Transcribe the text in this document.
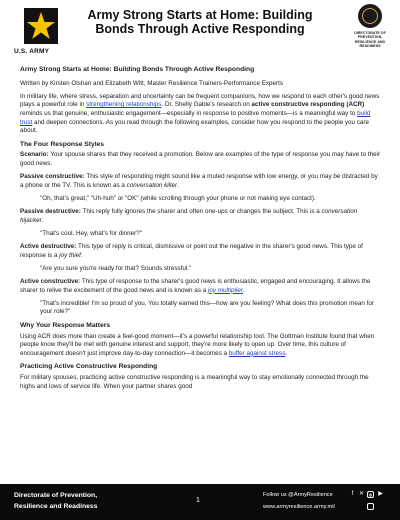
U.S. ARMY
Army Strong Starts at Home: Building
Bonds Through Active Responding	DIRECTORATE OF PREVENTION, RESILIENCE AND READINESS

Army Strong Starts at Home: Building Bonds Through Active Responding

Written by Kirsten Olshan and Elizabeth Witt, Master Resilience Trainers-Performance Experts

In military life, where stress, separation and uncertainty can be frequent companions, how we respond to each other's good news plays a powerful role in strengthening relationships. Dr. Shelly Gable's research on active constructive responding (ACR) reminds us that genuine, enthusiastic engagement—especially in response to positive moments—is a meaningful way to build trust and deepen connections. As you read through the following examples, consider how you respond to the people you care about.

The Four Response Styles

Scenario: Your spouse shares that they received a promotion. Below are examples of the type of response you may have to their good news.

Passive constructive: This style of responding might sound like a muted response with low energy, or you may be distracted by a phone or the TV. This is known as a conversation killer.

"Oh, that's great," "Uh-huh" or "OK" (while scrolling through your phone or not making eye contact).

Passive destructive: This reply fully ignores the sharer and often one-ups or changes the subject. This is a conversation hijacker.

"That's cool. Hey, what's for dinner?"

Active destructive: This type of reply is critical, dismissive or point out the negative in the sharer's good news. This type of response is a joy thief.

"Are you sure you're ready for that? Sounds stressful."

Active constructive: This type of response to the sharer's good news is enthusiastic, engaged and encouraging. It allows the sharer to relive the excitement of the good news and is known as a joy multiplier.

"That's incredible! I'm so proud of you. You totally earned this—how are you feeling? What does this promotion mean for your role?"

Why Your Response Matters

Using ACR does more than create a feel-good moment—it's a powerful relationship tool. The Gottman Institute found that when people know they'll be met with genuine interest and support, they're more likely to open up. Over time, this culture of encouragement doesn't just improve day-to-day connection—it becomes a buffer against stress.

Practicing Active Constructive Responding

For military spouses, practicing active constructive responding is a meaningful way to stay emotionally connected through the highs and lows of service life. When your partner shares good

Directorate of Prevention,
Resilience and Readiness
1
Follow us @ArmyResilience
www.armyresilience.army.mil
f ✕	◎ ▶
